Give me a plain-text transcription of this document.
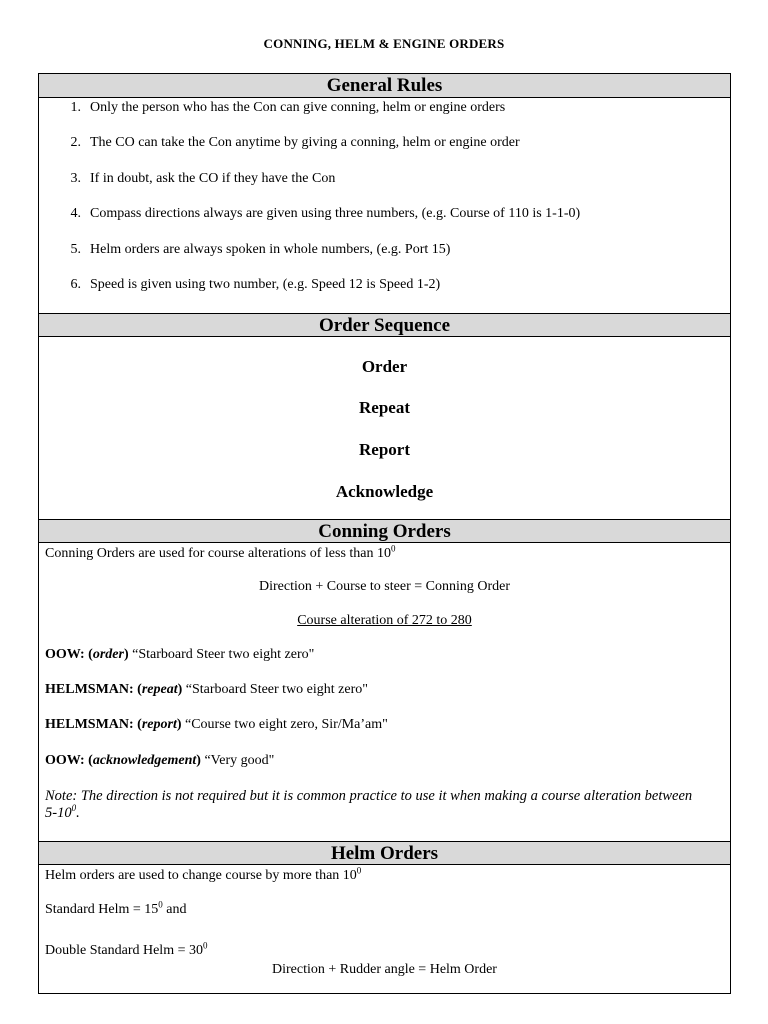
CONNING, HELM & ENGINE ORDERS
General Rules
1. Only the person who has the Con can give conning, helm or engine orders
2. The CO can take the Con anytime by giving a conning, helm or engine order
3. If in doubt, ask the CO if they have the Con
4. Compass directions always are given using three numbers, (e.g. Course of 110 is 1-1-0)
5. Helm orders are always spoken in whole numbers, (e.g. Port 15)
6. Speed is given using two number, (e.g. Speed 12 is Speed 1-2)
Order Sequence
Order
Repeat
Report
Acknowledge
Conning Orders
Conning Orders are used for course alterations of less than $10^0$
Direction + Course to steer = Conning Order
Course alteration of 272 to 280
OOW: (order) “Starboard Steer two eight zero"
HELMSMAN: (repeat) “Starboard Steer two eight zero"
HELMSMAN: (report) “Course two eight zero, Sir/Ma’am"
OOW: (acknowledgement) “Very good"
Note: The direction is not required but it is common practice to use it when making a course alteration between
$5-10^0$.
Helm Orders
Helm orders are used to change course by more than $10^0$
Standard Helm = $15^0$ and
Double Standard Helm = $30^0$
Direction + Rudder angle = Helm Order
